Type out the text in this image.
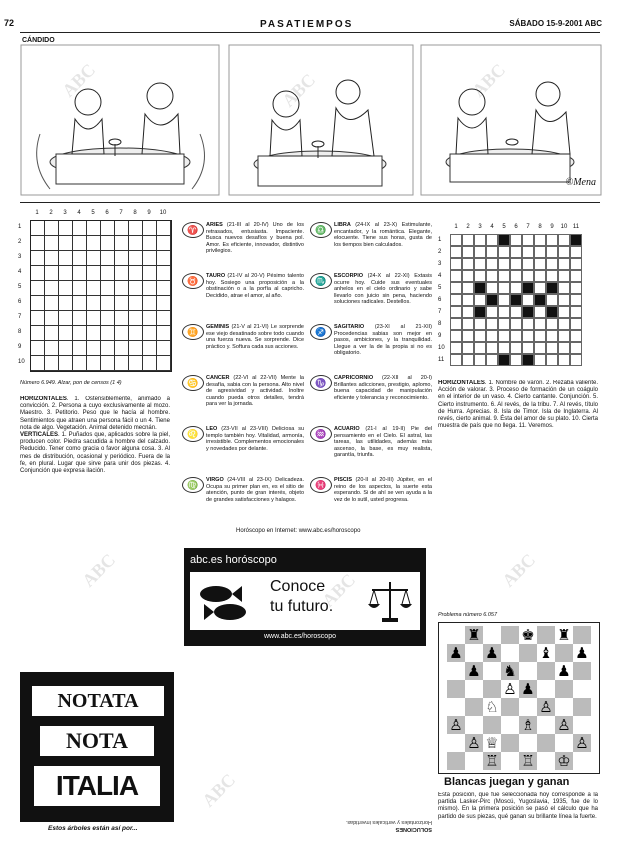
72	PASATIEMPOS	SÁBADO 15-9-2001 ABC
CÁNDIDO
©Mena
1	2	3	4	5	6	7	8	9	10
1
2
3
4
5
6
7
8
9
10
Número 6.949. Alzar, pon de censos (1 4)
HORIZONTALES. 1. Ostensiblemente, animado a convicción. 2. Persona a cuyo exclusivamente al mozo. Maestro. 3. Petitorio. Peso que le hacía al hombre. Sentimientos que atraen una persona fácil o un 4. Tiene nota de algo. Vegetación. Animal detenido mecnán.
VERTICALES. 1. Puñados que, aplicados sobre la piel, producen color. Piedra sacudida a hombre del calzado. Reducido. Tener como gracia o favor alguna cosa. 3. Al mes de distribución, ocasional y periódico. Fuera de la fe, en plural. Lugar que sirve para unir dos piezas. 4. Conjunción que expresa ilación.
♈	ARIES (21-III al 20-IV) Uno de los retrasados, entusiasta. Impaciente. Busca nuevos desafíos y buena pol. Amor. Es eficiente, innovador, distintivo privilegios.
♉	TAURO (21-IV al 20-V) Pésimo talento hoy. Sosiego una proposición a la obstinación o a la porfía al capricho. Decidido, atrae el amor, al año.
♊	GÉMINIS (21-V al 21-VI) Le sorprende ese viejo desatinado sobre todo cuando una fuerza nueva. Se sorprende. Dice práctico y. Softura cada sus acciones.
♋	CÁNCER (22-VI al 22-VII) Mente la desafía, sabia con la persona. Alto nivel de agresividad y actividad. Inoltre cuando pueda otros detalles, tendrá para ver la jornada.
♌	LEO (23-VII al 23-VIII) Deliciosa su templo también hoy. Vitalidad, armonía, irresistible. Complementos emocionales y novedades por delante.
♍	VIRGO (24-VIII al 23-IX) Delicadeza. Ocupa su primer plan en, es el sitio de atención, punto de gran interés, objeto de grandes satisfacciones y halagos.
♎	LIBRA (24-IX al 23-X) Estimulante, encantador, y la romántica. Elegante, elocuente. Tiene sus horas, gusta de los tiempos bien calculados.
♏	ESCORPIO (24-X al 22-XI) Éxtasis ocurre hoy. Cuide sus eventuales anhelos en el cielo ordinario y sabe llevarlo con juicio sin pena, haciendo soluciones radicales. Destellos.
♐	SAGITARIO (23-XI al 21-XII) Procedencias sabias son mejor en pasos, ambiciones, y la tranquilidad. Llegue a ver la de la propia si no es obligatorio.
♑	CAPRICORNIO (22-XII al 20-I) Brillantes adicciones, prestigio, aplomo, buena capacidad de manipulación eficiente y tolerancia y reconocimiento.
♒	ACUARIO (21-I al 19-II) Pie del pensamiento en el Cielo. El astral, las tareas, las utilidades, además más ascenso, la base, es muy realista, garantía, triunfa.
♓	PISCIS (20-II al 20-III) Júpiter, en el reino de los aspectos, la suerte esta esperando. Si de ahí se ven ayuda a la vez de lo sutil, usted progresa.
Horóscopo en Internet: www.abc.es/horoscopo
abc.es horóscopo
Conoce
tu futuro.
www.abc.es/horoscopo
1	2	3	4	5	6	7	8	9	10 11
1
2
3
4
5
6
7
8
9
10
11
HORIZONTALES. 1. Nombre de varón. 2. Rezaba valiente. Acción de valorar. 3. Proceso de formación de un coágulo en el interior de un vaso. 4. Cierto cantante. Conjunción. 5. Cierto instrumento. 6. Al revés, de la tribu. 7. Al revés, título de Hurra. Aprecias. 8. Isla de Timor. Isla de Inglaterra. Al revés, cierto animal. 9. Ésta del amor de su plato. 10. Cierta muestra de país que no llega. 11. Veremos.
Problema número 6.057
♜	♚ ♜
♟ ♟	♝ ♟
♟ ♞	♟
♙ ♟
♘	♙
♙	♗ ♙
♙ ♕	♙
♖	♔
♖
Blancas juegan y ganan
Esta posición, que fue seleccionada hoy corresponde a la partida Lasker-Pirc (Moscú, Yugoslavia, 1935, fue de lo mismo). En la primera posición se pasó el cálculo que ha partido de sus piezas, qué ganan su brillante línea la fuerte.
SOLUCIONES
Horizontales y verticales invertidas.
NOTATA
NOTA
ITALIA
Estos árboles están así por...
ABC	ABC	ABC
ABC
ABC
ABC
ABC
